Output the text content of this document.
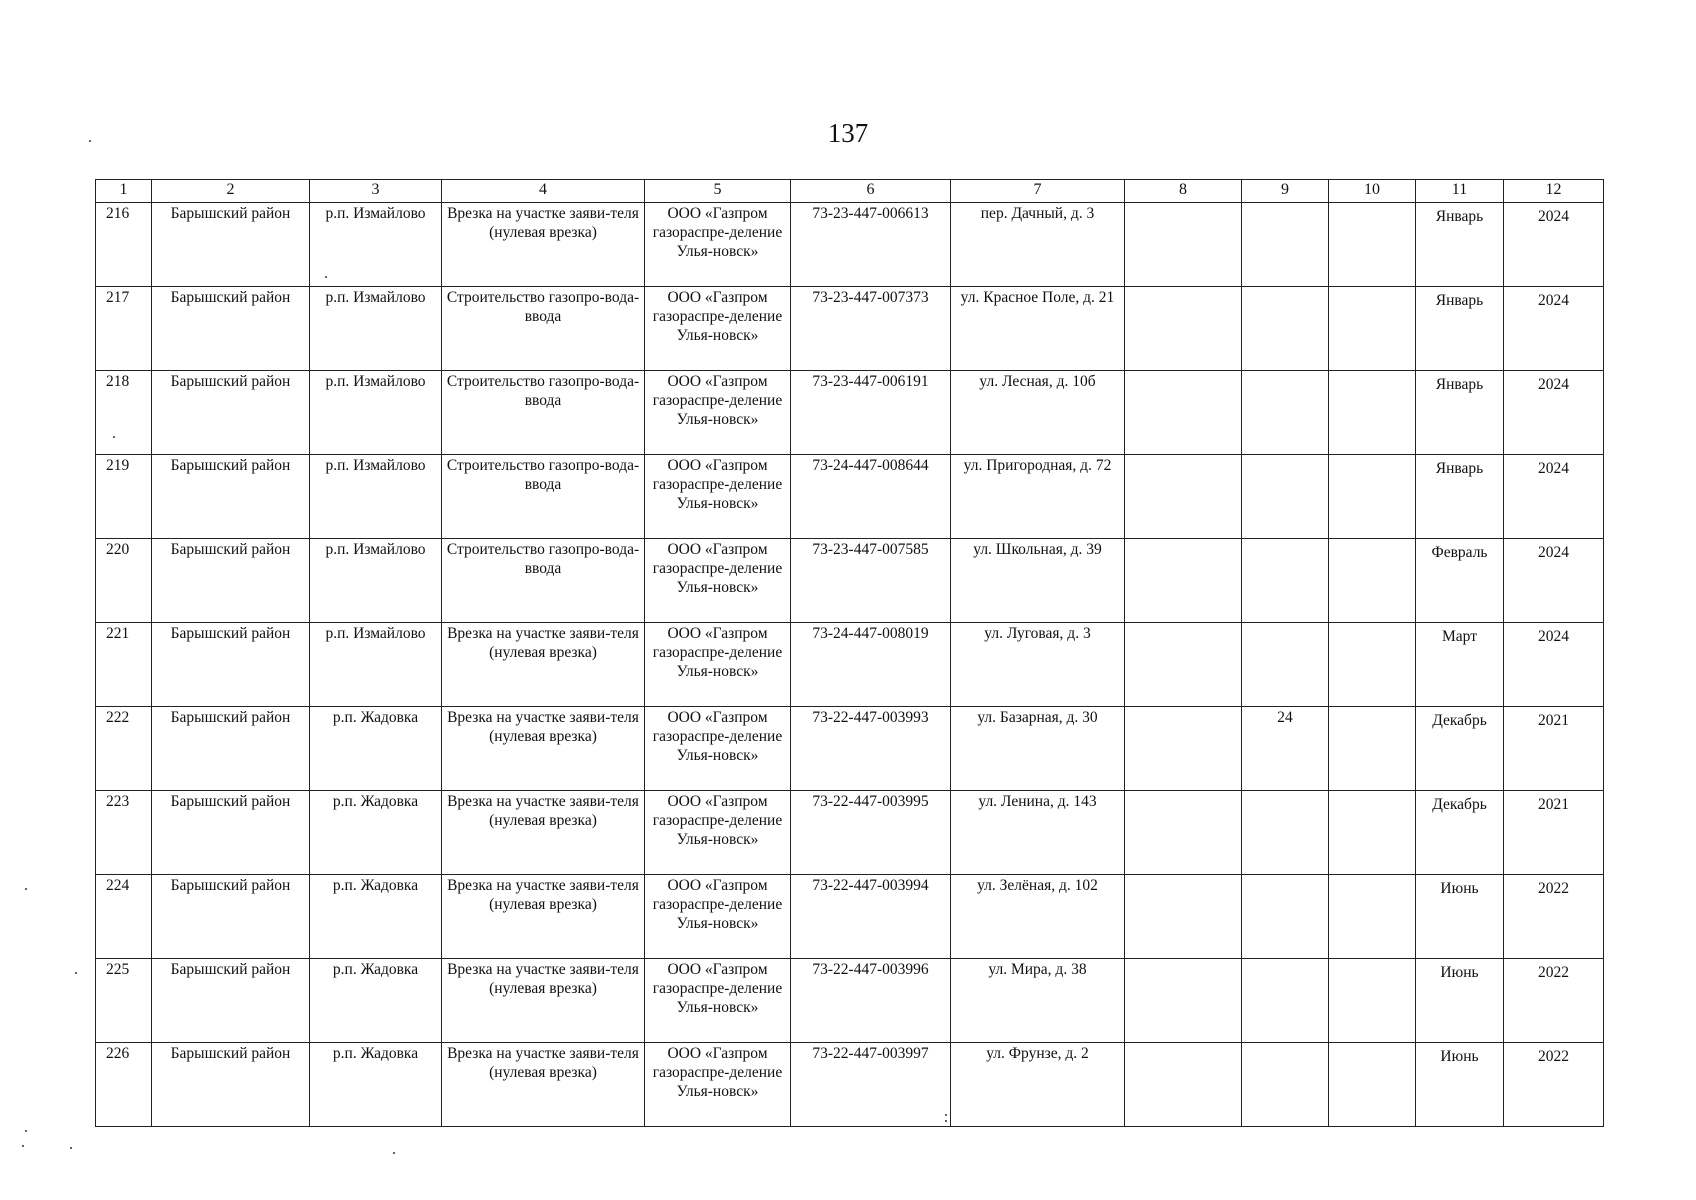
137
1	2	3	4	5	6	7	8	9	10	11	12
216	Барышский район	р.п. Измайлово	Врезка на участке заяви-теля (нулевая врезка)	ООО «Газпром газораспре-деление Улья-новск»	73-23-447-006613	пер. Дачный, д. 3				Январь	2024
217	Барышский район	р.п. Измайлово	Строительство газопро-вода-ввода	ООО «Газпром газораспре-деление Улья-новск»	73-23-447-007373	ул. Красное Поле, д. 21				Январь	2024
218	Барышский район	р.п. Измайлово	Строительство газопро-вода-ввода	ООО «Газпром газораспре-деление Улья-новск»	73-23-447-006191	ул. Лесная, д. 10б				Январь	2024
219	Барышский район	р.п. Измайлово	Строительство газопро-вода-ввода	ООО «Газпром газораспре-деление Улья-новск»	73-24-447-008644	ул. Пригородная, д. 72				Январь	2024
220	Барышский район	р.п. Измайлово	Строительство газопро-вода-ввода	ООО «Газпром газораспре-деление Улья-новск»	73-23-447-007585	ул. Школьная, д. 39				Февраль	2024
221	Барышский район	р.п. Измайлово	Врезка на участке заяви-теля (нулевая врезка)	ООО «Газпром газораспре-деление Улья-новск»	73-24-447-008019	ул. Луговая, д. 3				Март	2024
222	Барышский район	р.п. Жадовка	Врезка на участке заяви-теля (нулевая врезка)	ООО «Газпром газораспре-деление Улья-новск»	73-22-447-003993	ул. Базарная, д. 30		24		Декабрь	2021
223	Барышский район	р.п. Жадовка	Врезка на участке заяви-теля (нулевая врезка)	ООО «Газпром газораспре-деление Улья-новск»	73-22-447-003995	ул. Ленина, д. 143				Декабрь	2021
224	Барышский район	р.п. Жадовка	Врезка на участке заяви-теля (нулевая врезка)	ООО «Газпром газораспре-деление Улья-новск»	73-22-447-003994	ул. Зелёная, д. 102				Июнь	2022
225	Барышский район	р.п. Жадовка	Врезка на участке заяви-теля (нулевая врезка)	ООО «Газпром газораспре-деление Улья-новск»	73-22-447-003996	ул. Мира, д. 38				Июнь	2022
226	Барышский район	р.п. Жадовка	Врезка на участке заяви-теля (нулевая врезка)	ООО «Газпром газораспре-деление Улья-новск»	73-22-447-003997	ул. Фрунзе, д. 2				Июнь	2022
